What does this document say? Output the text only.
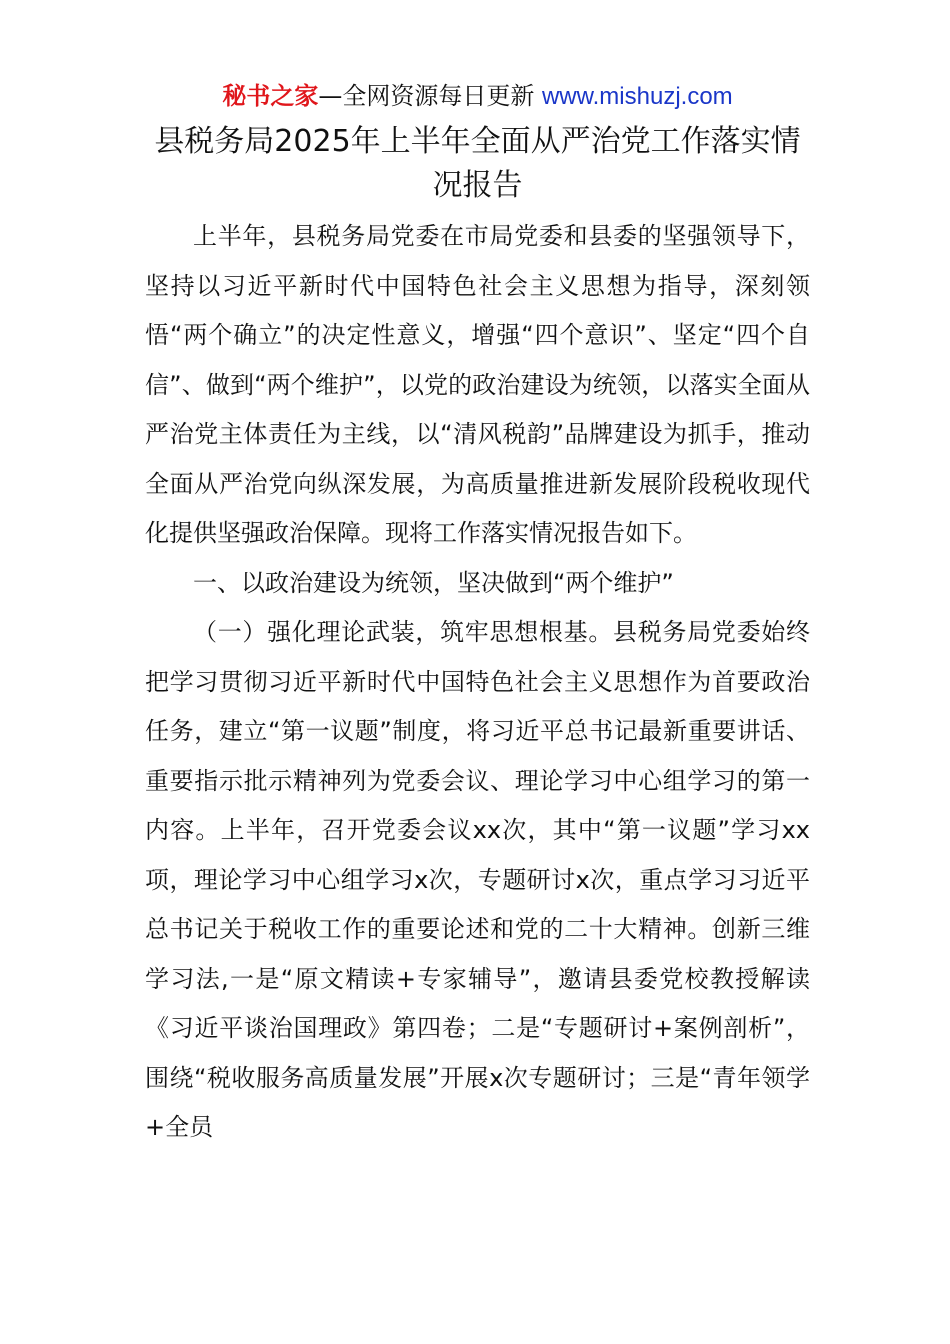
秘书之家—全网资源每日更新 www.mishuzj.com
县税务局2025年上半年全面从严治党工作落实情况报告

上半年，县税务局党委在市局党委和县委的坚强领导下，坚持以习近平新时代中国特色社会主义思想为指导，深刻领悟“两个确立”的决定性意义，增强“四个意识”、坚定“四个自信”、做到“两个维护”，以党的政治建设为统领，以落实全面从严治党主体责任为主线，以“清风税韵”品牌建设为抓手，推动全面从严治党向纵深发展，为高质量推进新发展阶段税收现代化提供坚强政治保障。现将工作落实情况报告如下。

一、以政治建设为统领，坚决做到“两个维护”

（一）强化理论武装，筑牢思想根基。县税务局党委始终把学习贯彻习近平新时代中国特色社会主义思想作为首要政治任务，建立“第一议题”制度，将习近平总书记最新重要讲话、重要指示批示精神列为党委会议、理论学习中心组学习的第一内容。上半年，召开党委会议xx次，其中“第一议题”学习xx项，理论学习中心组学习x次，专题研讨x次，重点学习习近平总书记关于税收工作的重要论述和党的二十大精神。创新三维学习法,一是“原文精读+专家辅导”，邀请县委党校教授解读《习近平谈治国理政》第四卷；二是“专题研讨+案例剖析”，围绕“税收服务高质量发展”开展x次专题研讨；三是“青年领学+全员
